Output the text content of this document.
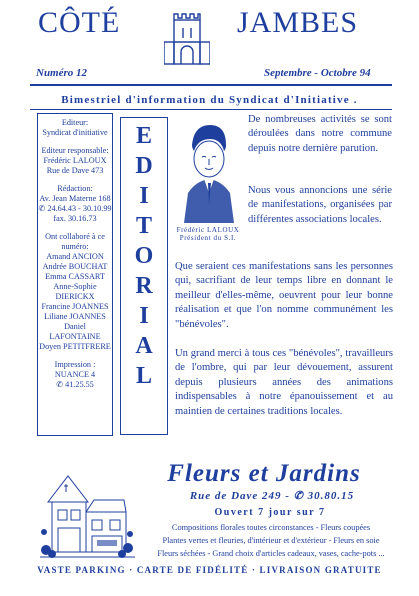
CÔTÉ	JAMBES
Numéro 12	Septembre - Octobre 94
Bimestriel d'information du Syndicat d'Initiative .
Editeur:
Syndicat d'initiative
Editeur responsable:
Frédéric LALOUX
Rue de Dave 473
Rédaction:
Av. Jean Materne 168
✆ 24.64.43 - 30.10.99
fax. 30.16.73
Ont collaboré à ce numéro:
Amand ANCION
Andrée BOUCHAT
Emma CASSART
Anne-Sophie DIERICKX
Francine JOANNES
Liliane JOANNES
Daniel LAFONTAINE
Doyen PETITFRERE
Impression :
NUANCE 4
✆ 41.25.55
E
D
I
T
O
R
I
A
L
Frédéric LALOUX
Président du S.I.
De nombreuses activités se sont déroulées dans notre commune depuis notre dernière parution.
Nous vous annoncions une série de manifestations, organisées par différentes associations locales.
Que seraient ces manifestations sans les personnes qui, sacrifiant de leur temps libre en donnant le meilleur d'elles-même, oeuvrent pour leur bonne réalisation et que l'on nomme communément les "bénévoles".
Un grand merci à tous ces "bénévoles", travailleurs de l'ombre, qui par leur dévouement, assurent depuis plusieurs années des animations indispensables à notre épanouissement et au maintien de certaines traditions locales.
Fleurs et Jardins
Rue de Dave 249 - ✆ 30.80.15
Ouvert 7 jour sur 7
Compositions florales toutes circonstances - Fleurs coupées
Plantes vertes et fleuries, d'intérieur et d'extérieur - Fleurs en soie
Fleurs séchées - Grand choix d'articles cadeaux, vases, cache-pots ...
VASTE PARKING · CARTE DE FIDÉLITÉ · LIVRAISON GRATUITE
